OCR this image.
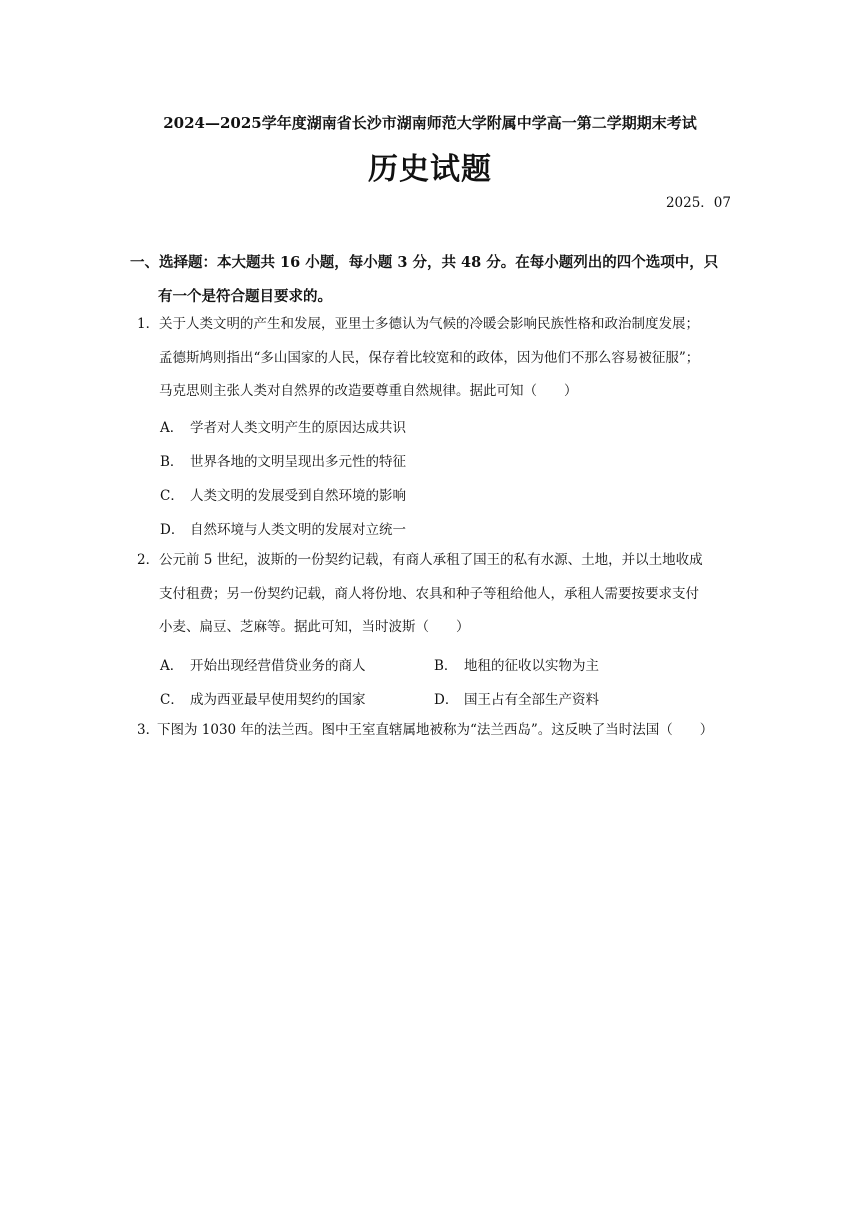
2024—2025学年度湖南省长沙市湖南师范大学附属中学高一第二学期期末考试
历史试题
2025．07
一、选择题：本大题共 16 小题，每小题 3 分，共 48 分。在每小题列出的四个选项中，只
有一个是符合题目要求的。
1．关于人类文明的产生和发展，亚里士多德认为气候的冷暖会影响民族性格和政治制度发展；
孟德斯鸠则指出“多山国家的人民，保存着比较宽和的政体，因为他们不那么容易被征服”；
马克思则主张人类对自然界的改造要尊重自然规律。据此可知（　　）
A． 学者对人类文明产生的原因达成共识
B． 世界各地的文明呈现出多元性的特征
C． 人类文明的发展受到自然环境的影响
D． 自然环境与人类文明的发展对立统一
2．公元前 5 世纪，波斯的一份契约记载，有商人承租了国王的私有水源、土地，并以土地收成
支付租费；另一份契约记载，商人将份地、农具和种子等租给他人，承租人需要按要求支付
小麦、扁豆、芝麻等。据此可知，当时波斯（　　）
A． 开始出现经营借贷业务的商人	B． 地租的征收以实物为主
C． 成为西亚最早使用契约的国家	D． 国王占有全部生产资料
3．下图为 1030 年的法兰西。图中王室直辖属地被称为“法兰西岛”。这反映了当时法国（　　）
